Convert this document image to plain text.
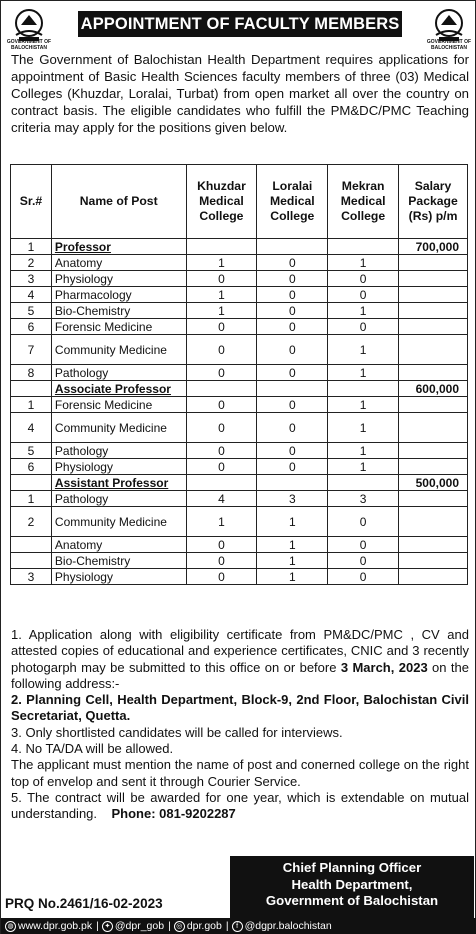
GOVERNMENT OF BALOCHISTAN
APPOINTMENT OF FACULTY MEMBERS
GOVERNMENT OF BALOCHISTAN
The Government of Balochistan Health Department requires applications for appointment of Basic Health Sciences faculty members of three (03) Medical Colleges (Khuzdar, Loralai, Turbat) from open market all over the country on contract basis. The eligible candidates who fulfill the PM&DC/PMC Teaching criteria may apply for the positions given below.
Sr.#	Name of Post	Khuzdar Medical College	Loralai Medical College	Mekran Medical College	Salary Package (Rs) p/m
1	Professor				700,000
2	Anatomy	1	0	1	
3	Physiology	0	0	0	
4	Pharmacology	1	0	0	
5	Bio-Chemistry	1	0	1	
6	Forensic Medicine	0	0	0	
7	Community Medicine	0	0	1	
8	Pathology	0	0	1	
	Associate Professor				600,000
1	Forensic Medicine	0	0	1	
4	Community Medicine	0	0	1	
5	Pathology	0	0	1	
6	Physiology	0	0	1	
	Assistant Professor				500,000
1	Pathology	4	3	3	
2	Community Medicine	1	1	0	
	Anatomy	0	1	0	
	Bio-Chemistry	0	1	0	
3	Physiology	0	1	0	

1. Application along with eligibility certificate from PM&DC/PMC , CV and attested copies of educational and experience certificates, CNIC and 3 recently photogarph may be submitted to this office on or before 3 March, 2023 on the following address:-

2. Planning Cell, Health Department, Block-9, 2nd Floor, Balochistan Civil Secretariat, Quetta.

3. Only shortlisted candidates will be called for interviews.

4. No TA/DA will be allowed.

The applicant must mention the name of post and conerned college on the right top of envelop and sent it through Courier Service.

5. The contract will be awarded for one year, which is extendable on mutual understanding. Phone: 081-9202287

PRQ No.2461/16-02-2023
Chief Planning Officer
Health Department,
Government of Balochistan
◍ www.dpr.gob.pk | ✦ @dpr_gob | ◎ dpr.gob |	f @dgpr.balochistan
